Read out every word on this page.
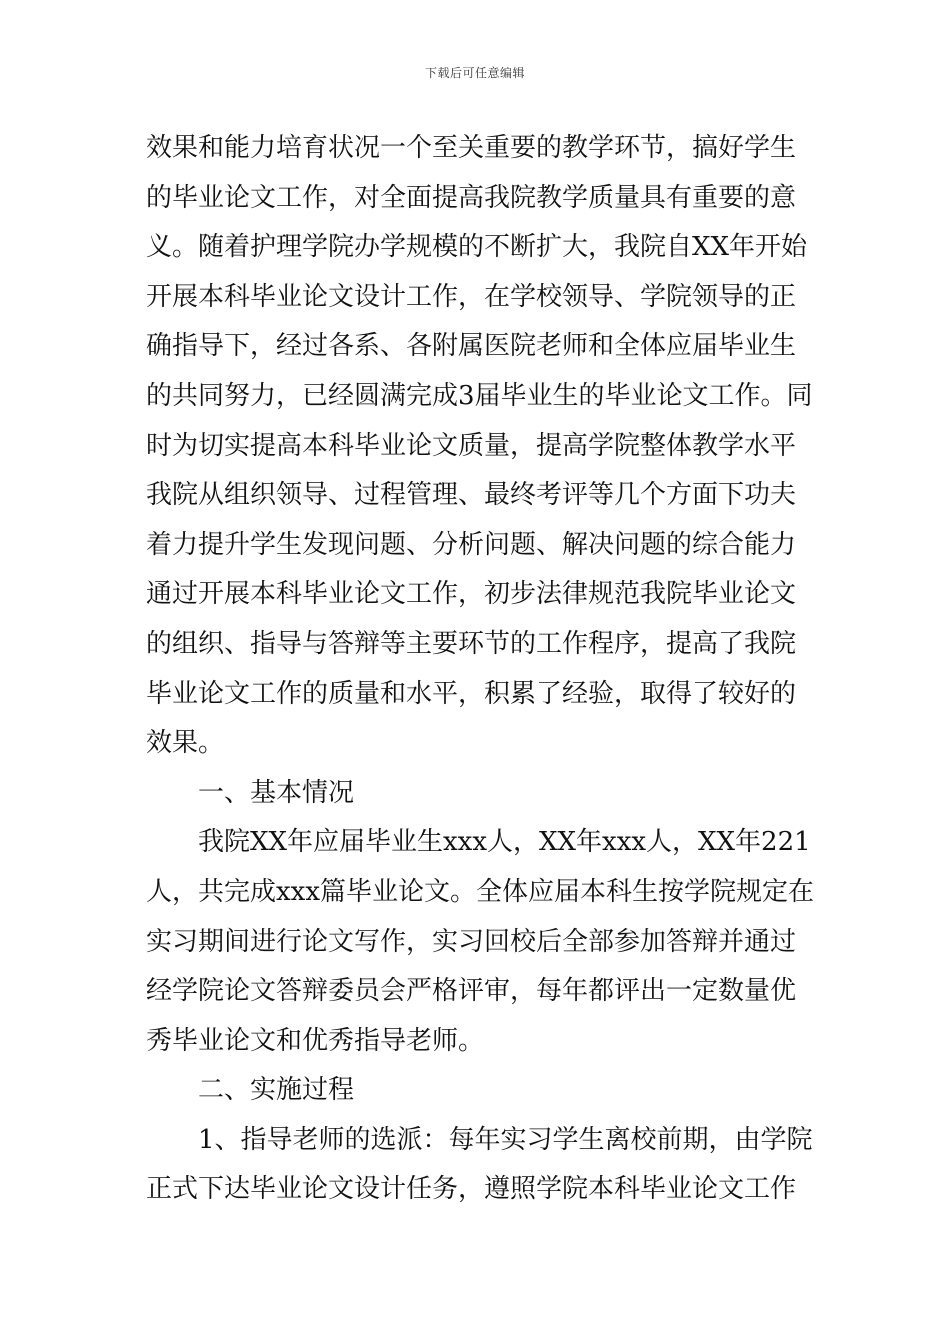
下载后可任意编辑
效果和能力培育状况一个至关重要的教学环节，搞好学生
的毕业论文工作，对全面提高我院教学质量具有重要的意
义。随着护理学院办学规模的不断扩大，我院自XX年开始
开展本科毕业论文设计工作，在学校领导、学院领导的正
确指导下，经过各系、各附属医院老师和全体应届毕业生
的共同努力，已经圆满完成3届毕业生的毕业论文工作。同
时为切实提高本科毕业论文质量，提高学院整体教学水平
我院从组织领导、过程管理、最终考评等几个方面下功夫
着力提升学生发现问题、分析问题、解决问题的综合能力
通过开展本科毕业论文工作，初步法律规范我院毕业论文
的组织、指导与答辩等主要环节的工作程序，提高了我院
毕业论文工作的质量和水平，积累了经验，取得了较好的
效果。
一、基本情况
我院XX年应届毕业生xxx人，XX年xxx人，XX年221
人，共完成xxx篇毕业论文。全体应届本科生按学院规定在
实习期间进行论文写作，实习回校后全部参加答辩并通过
经学院论文答辩委员会严格评审，每年都评出一定数量优
秀毕业论文和优秀指导老师。
二、实施过程
1、指导老师的选派：每年实习学生离校前期，由学院
正式下达毕业论文设计任务，遵照学院本科毕业论文工作
